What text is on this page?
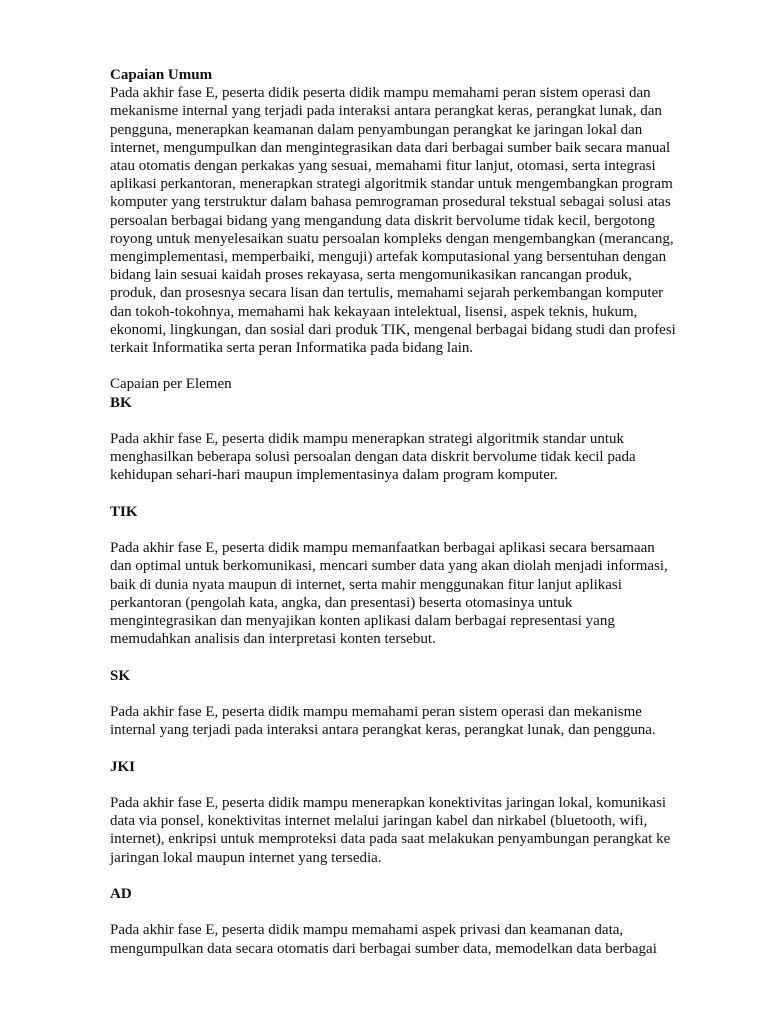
Capaian Umum

Pada akhir fase E, peserta didik peserta didik mampu memahami peran sistem operasi dan

mekanisme internal yang terjadi pada interaksi antara perangkat keras, perangkat lunak, dan

pengguna, menerapkan keamanan dalam penyambungan perangkat ke jaringan lokal dan

internet, mengumpulkan dan mengintegrasikan data dari berbagai sumber baik secara manual

atau otomatis dengan perkakas yang sesuai, memahami fitur lanjut, otomasi, serta integrasi

aplikasi perkantoran, menerapkan strategi algoritmik standar untuk mengembangkan program

komputer yang terstruktur dalam bahasa pemrograman prosedural tekstual sebagai solusi atas

persoalan berbagai bidang yang mengandung data diskrit bervolume tidak kecil, bergotong

royong untuk menyelesaikan suatu persoalan kompleks dengan mengembangkan (merancang,

mengimplementasi, memperbaiki, menguji) artefak komputasional yang bersentuhan dengan

bidang lain sesuai kaidah proses rekayasa, serta mengomunikasikan rancangan produk,

produk, dan prosesnya secara lisan dan tertulis, memahami sejarah perkembangan komputer

dan tokoh-tokohnya, memahami hak kekayaan intelektual, lisensi, aspek teknis, hukum,

ekonomi, lingkungan, dan sosial dari produk TIK, mengenal berbagai bidang studi dan profesi

terkait Informatika serta peran Informatika pada bidang lain.

Capaian per Elemen

BK

Pada akhir fase E, peserta didik mampu menerapkan strategi algoritmik standar untuk

menghasilkan beberapa solusi persoalan dengan data diskrit bervolume tidak kecil pada

kehidupan sehari-hari maupun implementasinya dalam program komputer.

TIK

Pada akhir fase E, peserta didik mampu memanfaatkan berbagai aplikasi secara bersamaan

dan optimal untuk berkomunikasi, mencari sumber data yang akan diolah menjadi informasi,

baik di dunia nyata maupun di internet, serta mahir menggunakan fitur lanjut aplikasi

perkantoran (pengolah kata, angka, dan presentasi) beserta otomasinya untuk

mengintegrasikan dan menyajikan konten aplikasi dalam berbagai representasi yang

memudahkan analisis dan interpretasi konten tersebut.

SK

Pada akhir fase E, peserta didik mampu memahami peran sistem operasi dan mekanisme

internal yang terjadi pada interaksi antara perangkat keras, perangkat lunak, dan pengguna.

JKI

Pada akhir fase E, peserta didik mampu menerapkan konektivitas jaringan lokal, komunikasi

data via ponsel, konektivitas internet melalui jaringan kabel dan nirkabel (bluetooth, wifi,

internet), enkripsi untuk memproteksi data pada saat melakukan penyambungan perangkat ke

jaringan lokal maupun internet yang tersedia.

AD

Pada akhir fase E, peserta didik mampu memahami aspek privasi dan keamanan data,

mengumpulkan data secara otomatis dari berbagai sumber data, memodelkan data berbagai
